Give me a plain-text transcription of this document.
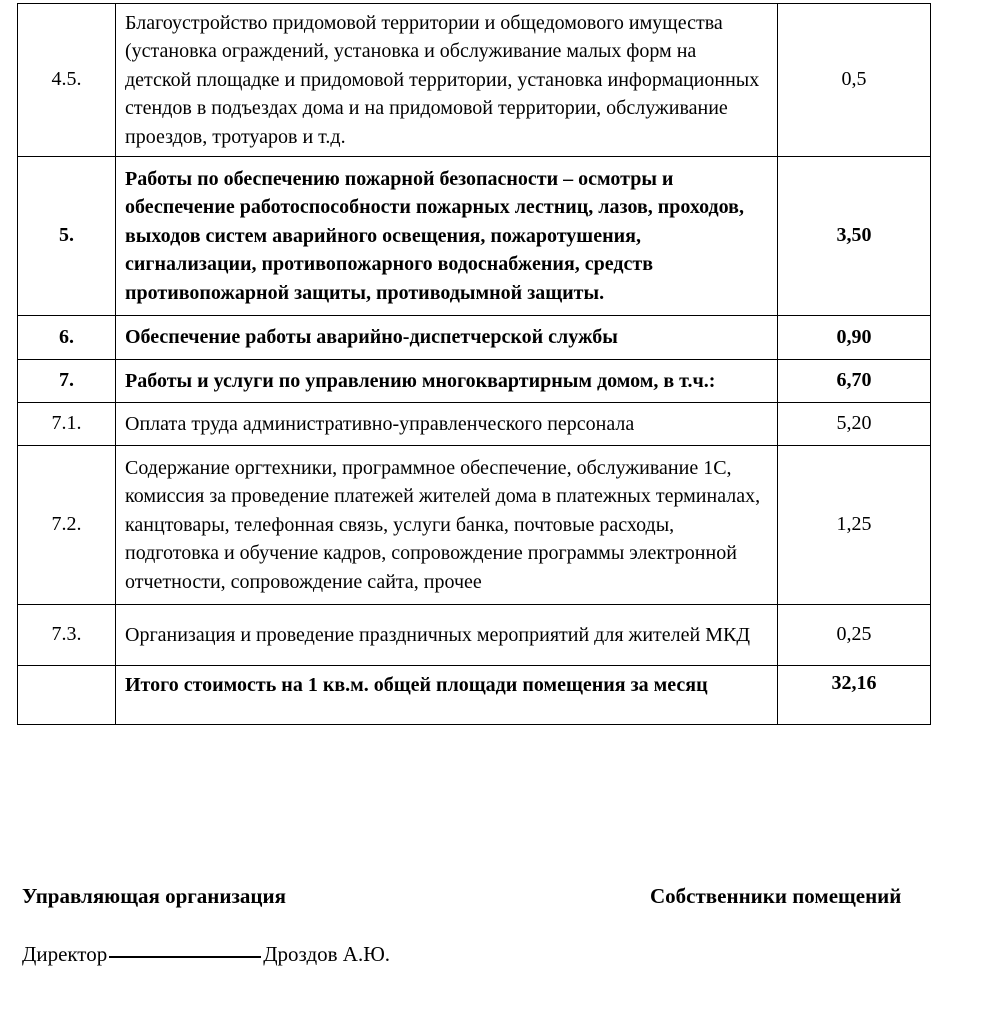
4.5.	Благоустройство придомовой территории и общедомового имущества (установка ограждений, установка и обслуживание малых форм на детской площадке и придомовой территории, установка информационных стендов в подъездах дома и на придомовой территории, обслуживание проездов, тротуаров и т.д.	0,5
5.	Работы по обеспечению пожарной безопасности – осмотры и обеспечение работоспособности пожарных лестниц, лазов, проходов, выходов систем аварийного освещения, пожаротушения, сигнализации, противопожарного водоснабжения, средств противопожарной защиты, противодымной защиты.	3,50
6.	Обеспечение работы аварийно-диспетчерской службы	0,90
7.	Работы и услуги по управлению многоквартирным домом, в т.ч.:	6,70
7.1.	Оплата труда административно-управленческого персонала	5,20
7.2.	Содержание оргтехники, программное обеспечение, обслуживание 1С, комиссия за проведение платежей жителей дома в платежных терминалах, канцтовары, телефонная связь, услуги банка, почтовые расходы, подготовка и обучение кадров, сопровождение программы электронной отчетности, сопровождение сайта, прочее	1,25
7.3.	Организация и проведение праздничных мероприятий для жителей МКД	0,25
	Итого стоимость на 1 кв.м. общей площади помещения за месяц	32,16
Управляющая организация	Собственники помещений
Директор	Дроздов А.Ю.
